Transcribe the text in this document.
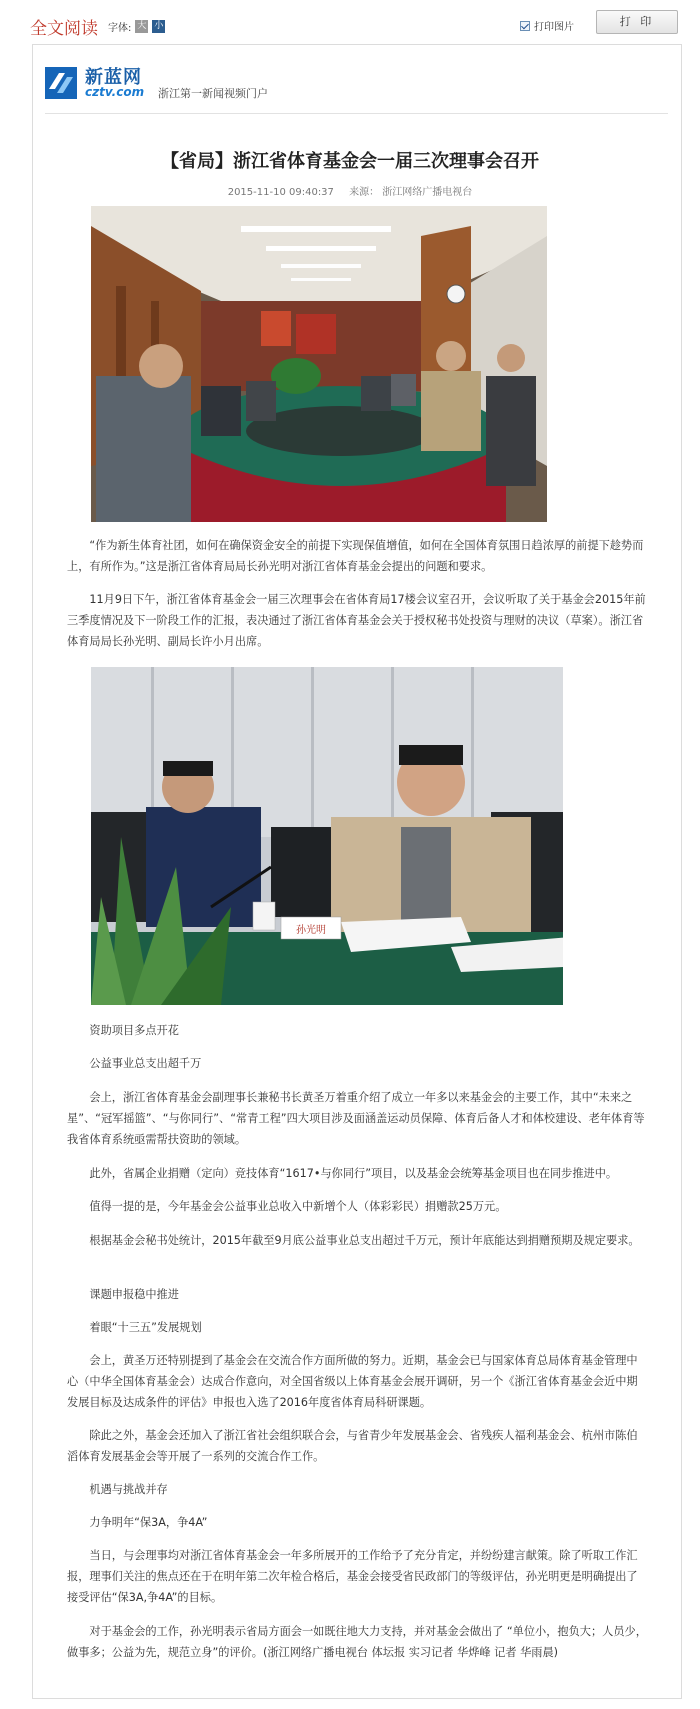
全文阅读 字体: 大 小	打印图片	打 印
新蓝网
cztv.com 浙江第一新闻视频门户
【省局】浙江省体育基金会一届三次理事会召开
2015-11-10 09:40:37 来源： 浙江网络广播电视台

“作为新生体育社团，如何在确保资金安全的前提下实现保值增值，如何在全国体育氛围日趋浓厚的前提下趁势而上，有所作为。”这是浙江省体育局局长孙光明对浙江省体育基金会提出的问题和要求。

11月9日下午，浙江省体育基金会一届三次理事会在省体育局17楼会议室召开，会议听取了关于基金会2015年前三季度情况及下一阶段工作的汇报，表决通过了浙江省体育基金会关于授权秘书处投资与理财的决议（草案）。浙江省体育局局长孙光明、副局长许小月出席。

孙光明

资助项目多点开花

公益事业总支出超千万

会上，浙江省体育基金会副理事长兼秘书长黄圣万着重介绍了成立一年多以来基金会的主要工作，其中“未来之星”、“冠军摇篮”、“与你同行”、“常青工程”四大项目涉及面涵盖运动员保障、体育后备人才和体校建设、老年体育等我省体育系统亟需帮扶资助的领域。

此外，省属企业捐赠（定向）竞技体育“1617•与你同行”项目，以及基金会统筹基金项目也在同步推进中。

值得一提的是，今年基金会公益事业总收入中新增个人（体彩彩民）捐赠款25万元。

根据基金会秘书处统计，2015年截至9月底公益事业总支出超过千万元，预计年底能达到捐赠预期及规定要求。

课题申报稳中推进

着眼“十三五”发展规划

会上，黄圣万还特别提到了基金会在交流合作方面所做的努力。近期，基金会已与国家体育总局体育基金管理中心（中华全国体育基金会）达成合作意向，对全国省级以上体育基金会展开调研，另一个《浙江省体育基金会近中期发展目标及达成条件的评估》申报也入选了2016年度省体育局科研课题。

除此之外，基金会还加入了浙江省社会组织联合会，与省青少年发展基金会、省残疾人福利基金会、杭州市陈伯滔体育发展基金会等开展了一系列的交流合作工作。

机遇与挑战并存

力争明年“保3A，争4A”

当日，与会理事均对浙江省体育基金会一年多所展开的工作给予了充分肯定，并纷纷建言献策。除了听取工作汇报，理事们关注的焦点还在于在明年第二次年检合格后，基金会接受省民政部门的等级评估，孙光明更是明确提出了接受评估“保3A,争4A”的目标。

对于基金会的工作，孙光明表示省局方面会一如既往地大力支持，并对基金会做出了 “单位小，抱负大；人员少，做事多；公益为先，规范立身”的评价。(浙江网络广播电视台 体坛报 实习记者 华烨峰 记者 华雨晨)
